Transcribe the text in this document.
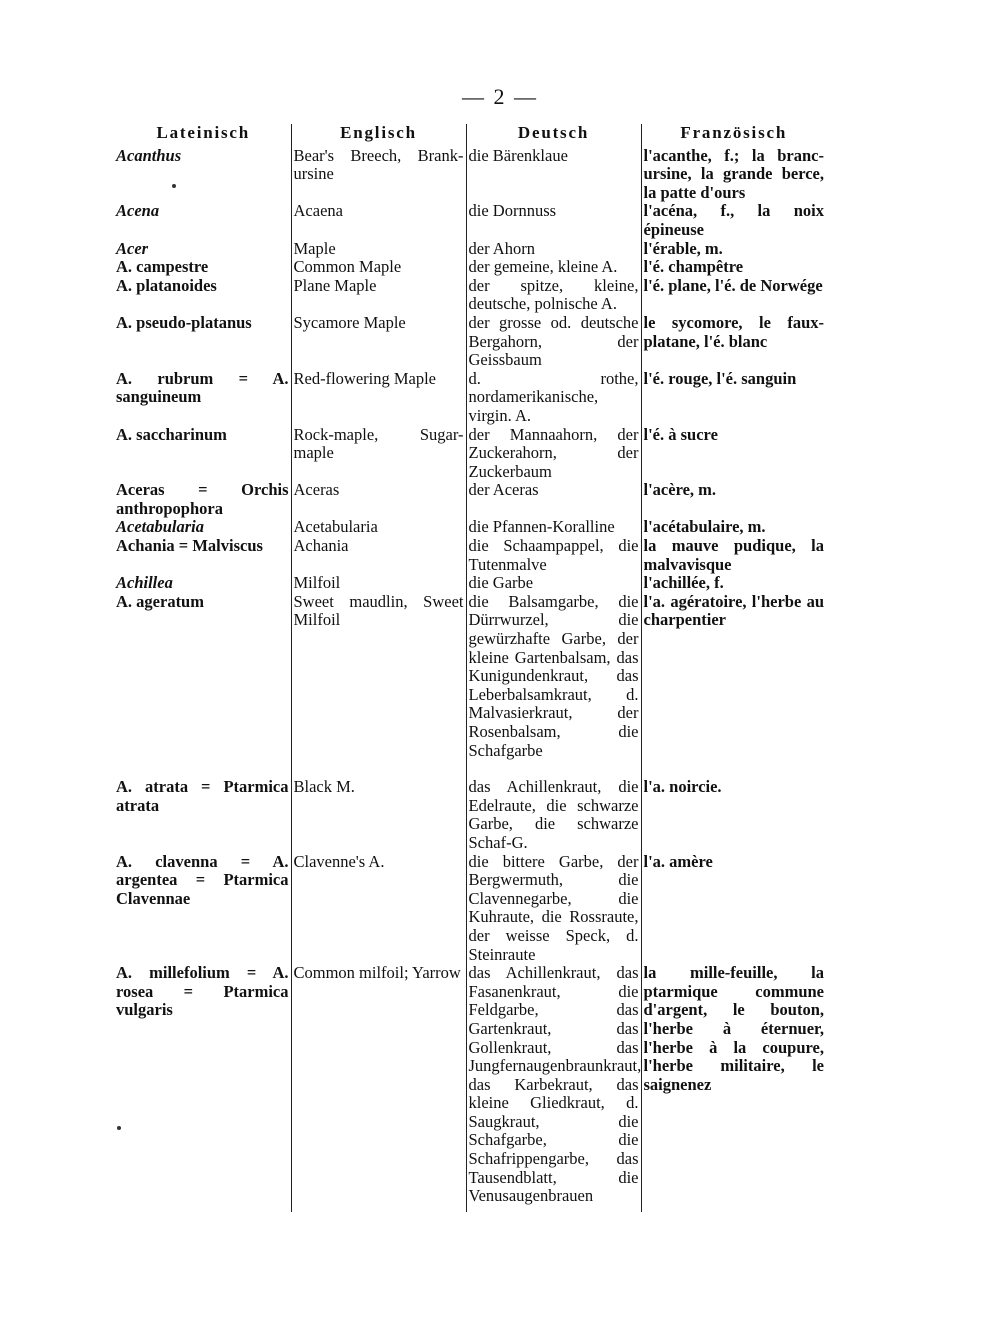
— 2 —
Lateinisch	Englisch	Deutsch	Französisch
Acanthus	Bear's Breech, Brank-ursine	die Bärenklaue	l'acanthe, f.; la branc-ursine, la grande berce, la patte d'ours
Acena	Acaena	die Dornnuss	l'acéna, f., la noix épineuse
Acer	Maple	der Ahorn	l'érable, m.
A. campestre	Common Maple	der gemeine, kleine A.	l'é. champêtre
A. platanoides	Plane Maple	der spitze, kleine, deutsche, polnische A.	l'é. plane, l'é. de Norwége
A. pseudo-platanus	Sycamore Maple	der grosse od. deutsche Bergahorn, der Geissbaum	le sycomore, le faux-platane, l'é. blanc
A. rubrum = A. sanguineum	Red-flowering Maple	d. rothe, nordamerikanische, virgin. A.	l'é. rouge, l'é. sanguin
A. saccharinum	Rock-maple, Sugar-maple	der Mannaahorn, der Zuckerahorn, der Zuckerbaum	l'é. à sucre
Aceras = Orchis anthropophora	Aceras	der Aceras	l'acère, m.
Acetabularia	Acetabularia	die Pfannen-Koralline	l'acétabulaire, m.
Achania = Malviscus	Achania	die Schaampappel, die Tutenmalve	la mauve pudique, la malvavisque
Achillea	Milfoil	die Garbe	l'achillée, f.
A. ageratum	Sweet maudlin, Sweet Milfoil	die Balsamgarbe, die Dürrwurzel, die gewürzhafte Garbe, der kleine Gartenbalsam, das Kunigundenkraut, das Leberbalsamkraut, d. Malvasierkraut, der Rosenbalsam, die Schafgarbe	l'a. agératoire, l'herbe au charpentier

A. atrata = Ptarmica atrata	Black M.	das Achillenkraut, die Edelraute, die schwarze Garbe, die schwarze Schaf-G.	l'a. noircie.
A. clavenna = A. argentea = Ptarmica Clavennae	Clavenne's A.	die bittere Garbe, der Bergwermuth, die Clavennegarbe, die Kuhraute, die Rossraute, der weisse Speck, d. Steinraute	l'a. amère
A. millefolium = A. rosea = Ptarmica vulgaris	Common milfoil; Yarrow	das Achillenkraut, das Fasanenkraut, die Feldgarbe, das Gartenkraut, das Gollenkraut, das Jungfernaugenbraunkraut, das Karbekraut, das kleine Gliedkraut, d. Saugkraut, die Schafgarbe, die Schafrippengarbe, das Tausendblatt, die Venusaugenbrauen	la mille-feuille, la ptarmique commune d'argent, le bouton, l'herbe à éternuer, l'herbe à la coupure, l'herbe militaire, le saignenez
